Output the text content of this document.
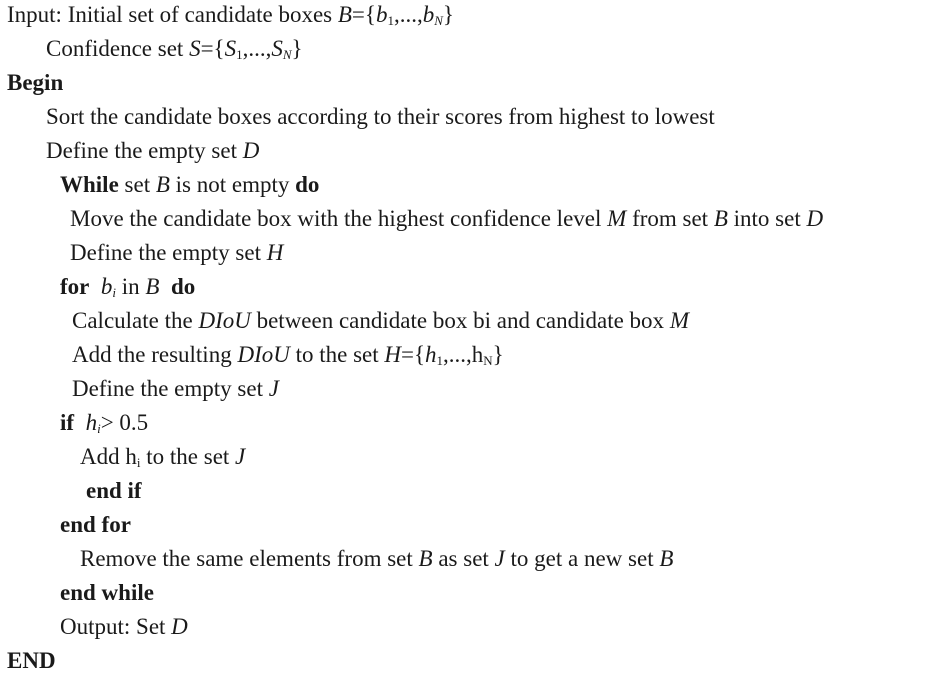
Input: Initial set of candidate boxes $B=\{b_1,...,b_N\}$
Confidence set $S=\{S_1,...,S_N\}$
Begin
Sort the candidate boxes according to their scores from highest to lowest
Define the empty set D
While set B is not empty do
Move the candidate box with the highest confidence level M from set B into set D
Define the empty set H
for $b_i$ in B do
Calculate the DIoU between candidate box bi and candidate box M
Add the resulting DIoU to the set $H=\{h_1,...,h_N\}$
Define the empty set J
if $h_i> 0.5$
Add $h_i$ to the set J
end if
end for
Remove the same elements from set B as set J to get a new set B
end while
Output: Set D
END
